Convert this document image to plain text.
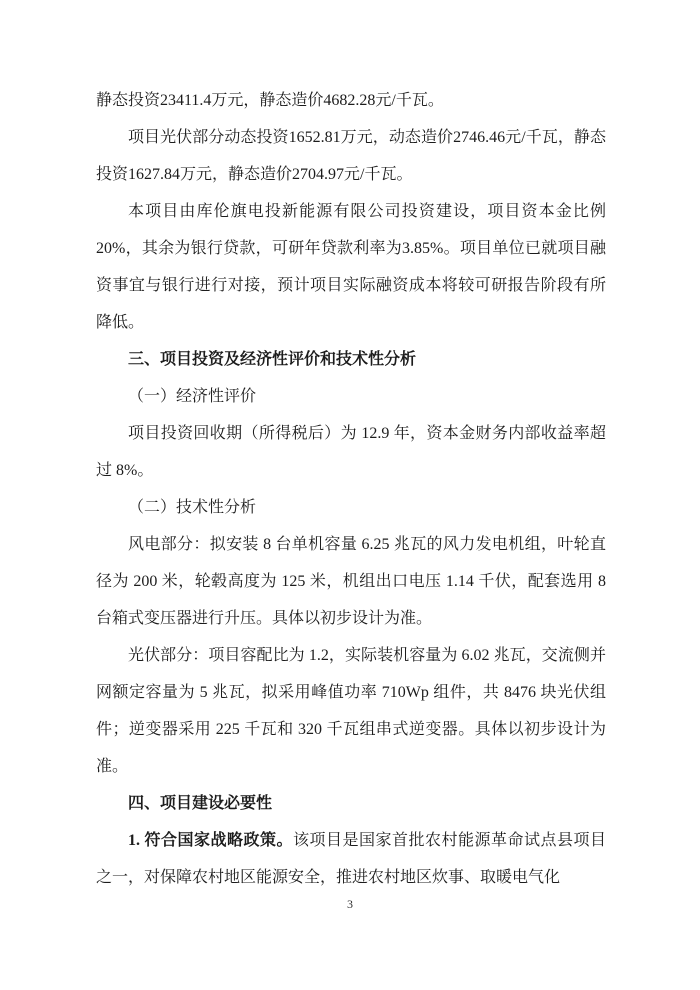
静态投资23411.4万元，静态造价4682.28元/千瓦。

项目光伏部分动态投资1652.81万元，动态造价2746.46元/千瓦，静态投资1627.84万元，静态造价2704.97元/千瓦。

本项目由库伦旗电投新能源有限公司投资建设，项目资本金比例20%，其余为银行贷款，可研年贷款利率为3.85%。项目单位已就项目融资事宜与银行进行对接，预计项目实际融资成本将较可研报告阶段有所降低。

三、项目投资及经济性评价和技术性分析

（一）经济性评价

项目投资回收期（所得税后）为 12.9 年，资本金财务内部收益率超过 8%。

（二）技术性分析

风电部分：拟安装 8 台单机容量 6.25 兆瓦的风力发电机组，叶轮直径为 200 米，轮毂高度为 125 米，机组出口电压 1.14 千伏，配套选用 8 台箱式变压器进行升压。具体以初步设计为准。

光伏部分：项目容配比为 1.2，实际装机容量为 6.02 兆瓦，交流侧并网额定容量为 5 兆瓦，拟采用峰值功率 710Wp 组件，共 8476 块光伏组件；逆变器采用 225 千瓦和 320 千瓦组串式逆变器。具体以初步设计为准。

四、项目建设必要性

1. 符合国家战略政策。该项目是国家首批农村能源革命试点县项目之一，对保障农村地区能源安全，推进农村地区炊事、取暖电气化

3
